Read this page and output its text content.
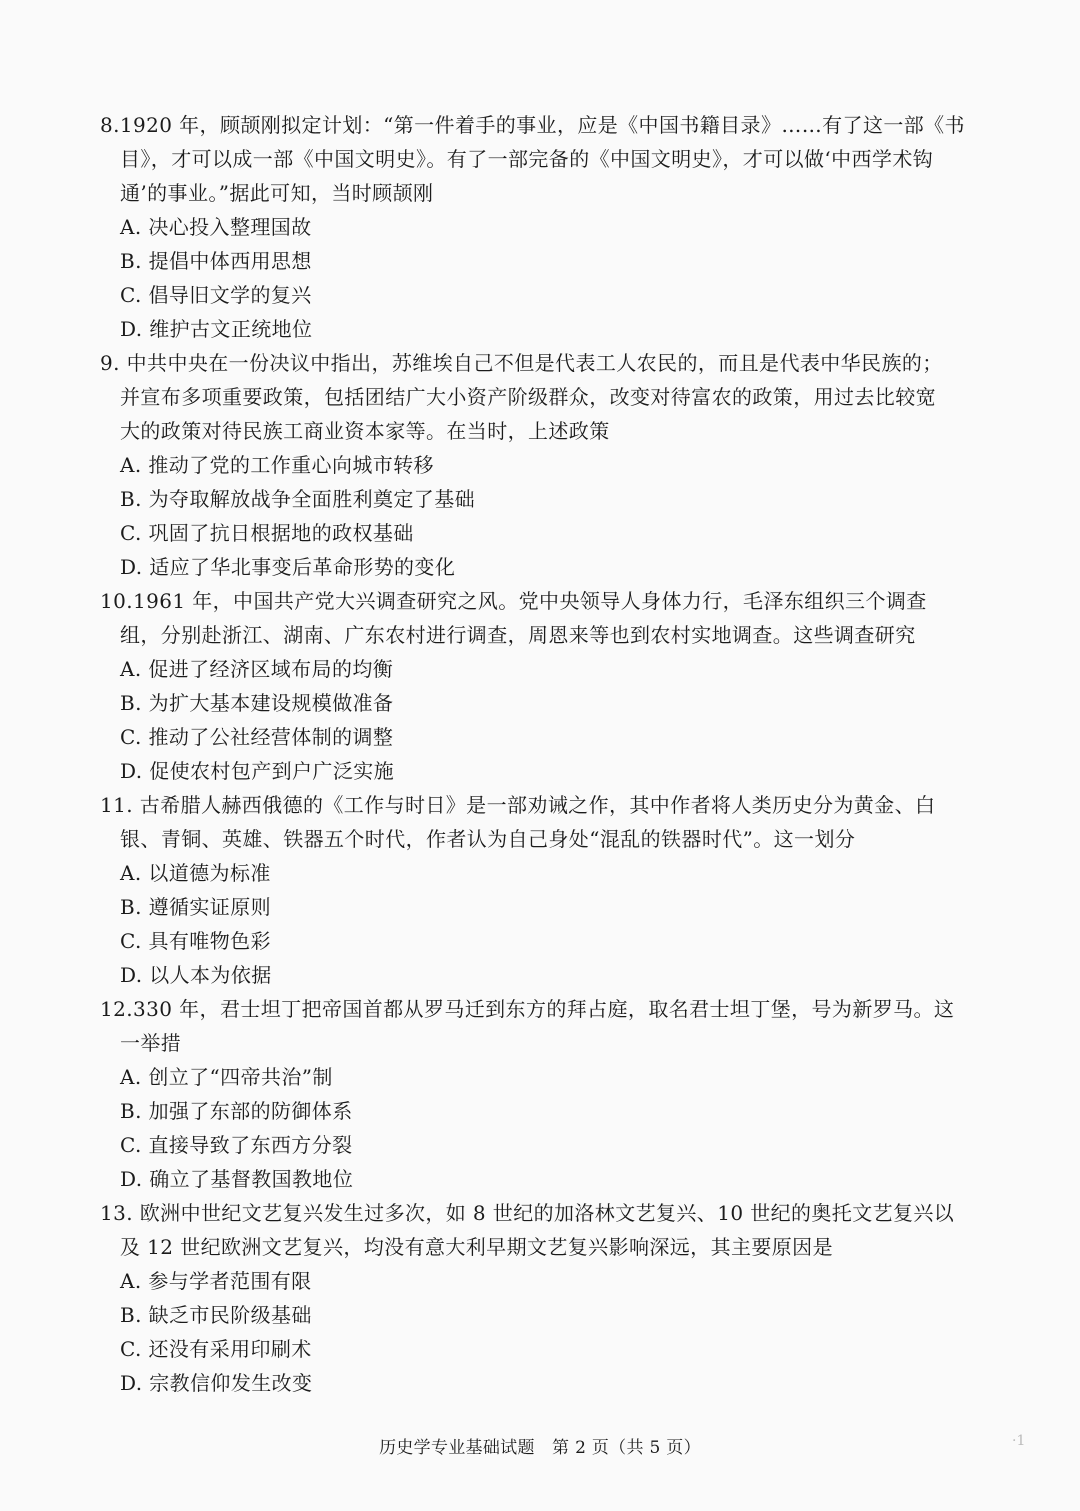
8.1920 年，顾颉刚拟定计划：“第一件着手的事业，应是《中国书籍目录》……有了这一部《书
目》，才可以成一部《中国文明史》。有了一部完备的《中国文明史》，才可以做‘中西学术钩
通’的事业。”据此可知，当时顾颉刚
A. 决心投入整理国故
B. 提倡中体西用思想
C. 倡导旧文学的复兴
D. 维护古文正统地位
9. 中共中央在一份决议中指出，苏维埃自己不但是代表工人农民的，而且是代表中华民族的；
并宣布多项重要政策，包括团结广大小资产阶级群众，改变对待富农的政策，用过去比较宽
大的政策对待民族工商业资本家等。在当时，上述政策
A. 推动了党的工作重心向城市转移
B. 为夺取解放战争全面胜利奠定了基础
C. 巩固了抗日根据地的政权基础
D. 适应了华北事变后革命形势的变化
10.1961 年，中国共产党大兴调查研究之风。党中央领导人身体力行，毛泽东组织三个调查
组，分别赴浙江、湖南、广东农村进行调查，周恩来等也到农村实地调查。这些调查研究
A. 促进了经济区域布局的均衡
B. 为扩大基本建设规模做准备
C. 推动了公社经营体制的调整
D. 促使农村包产到户广泛实施
11. 古希腊人赫西俄德的《工作与时日》是一部劝诫之作，其中作者将人类历史分为黄金、白
银、青铜、英雄、铁器五个时代，作者认为自己身处“混乱的铁器时代”。这一划分
A. 以道德为标准
B. 遵循实证原则
C. 具有唯物色彩
D. 以人本为依据
12.330 年，君士坦丁把帝国首都从罗马迁到东方的拜占庭，取名君士坦丁堡，号为新罗马。这
一举措
A. 创立了“四帝共治”制
B. 加强了东部的防御体系
C. 直接导致了东西方分裂
D. 确立了基督教国教地位
13. 欧洲中世纪文艺复兴发生过多次，如 8 世纪的加洛林文艺复兴、10 世纪的奥托文艺复兴以
及 12 世纪欧洲文艺复兴，均没有意大利早期文艺复兴影响深远，其主要原因是
A. 参与学者范围有限
B. 缺乏市民阶级基础
C. 还没有采用印刷术
D. 宗教信仰发生改变
历史学专业基础试题　第 2 页（共 5 页）	·1
